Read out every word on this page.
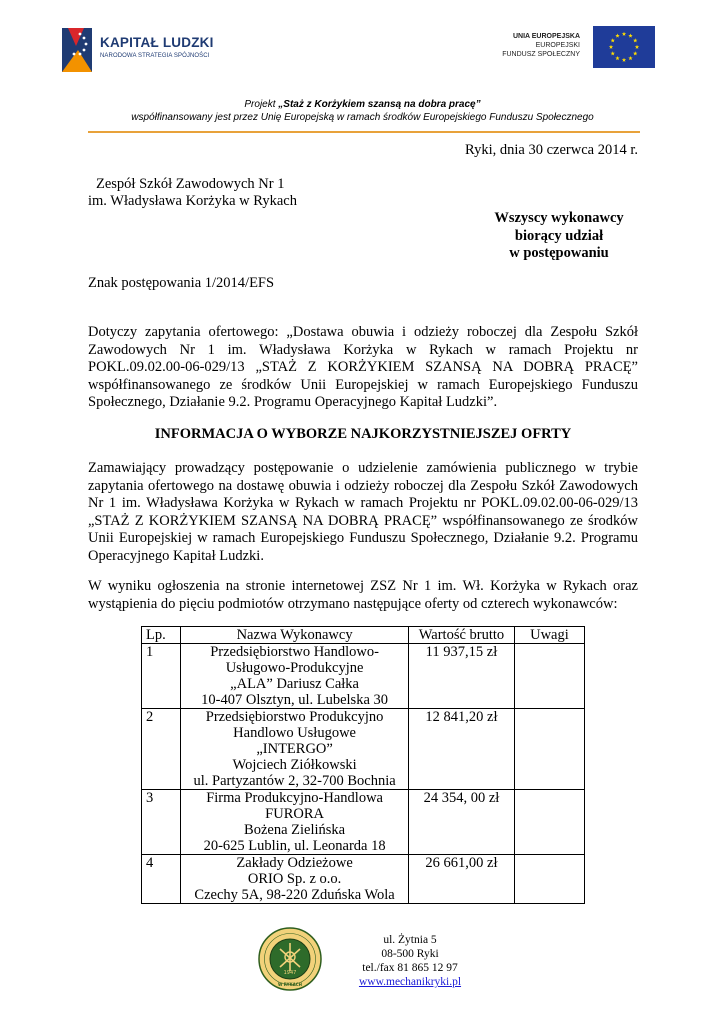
KAPITAŁ LUDZKI
NARODOWA STRATEGIA SPÓJNOŚCI
UNIA EUROPEJSKA
EUROPEJSKI
FUNDUSZ SPOŁECZNY
Projekt „Staż z Korżykiem szansą na dobra pracę”
współfinansowany jest przez Unię Europejską w ramach środków Europejskiego Funduszu Społecznego
Ryki, dnia 30 czerwca 2014 r.
Zespół Szkół Zawodowych Nr 1
im. Władysława Korżyka w Rykach
Wszyscy wykonawcy
biorący udział
w postępowaniu
Znak postępowania 1/2014/EFS
Dotyczy zapytania ofertowego: „Dostawa obuwia i odzieży roboczej dla Zespołu Szkół Zawodowych Nr 1 im. Władysława Korżyka w Rykach w ramach Projektu nr POKL.09.02.00-06-029/13 „STAŻ Z KORŻYKIEM SZANSĄ NA DOBRĄ PRACĘ” współfinansowanego ze środków Unii Europejskiej w ramach Europejskiego Funduszu Społecznego, Działanie 9.2. Programu Operacyjnego Kapitał Ludzki”.
INFORMACJA O WYBORZE NAJKORZYSTNIEJSZEJ OFRTY
Zamawiający prowadzący postępowanie o udzielenie zamówienia publicznego w trybie zapytania ofertowego na dostawę obuwia i odzieży roboczej dla Zespołu Szkół Zawodowych Nr 1 im. Władysława Korżyka w Rykach w ramach Projektu nr POKL.09.02.00-06-029/13 „STAŻ Z KORŻYKIEM SZANSĄ NA DOBRĄ PRACĘ” współfinansowanego ze środków Unii Europejskiej w ramach Europejskiego Funduszu Społecznego, Działanie 9.2. Programu Operacyjnego Kapitał Ludzki.
W wyniku ogłoszenia na stronie internetowej ZSZ Nr 1 im. Wł. Korżyka w Rykach oraz wystąpienia do pięciu podmiotów otrzymano następujące oferty od czterech wykonawców:
Lp.	Nazwa Wykonawcy	Wartość brutto	Uwagi
1	Przedsiębiorstwo Handlowo-
Usługowo-Produkcyjne
„ALA” Dariusz Całka
10-407 Olsztyn, ul. Lubelska 30	11 937,15 zł	
2	Przedsiębiorstwo Produkcyjno
Handlowo Usługowe
„INTERGO”
Wojciech Ziółkowski
ul. Partyzantów 2, 32-700 Bochnia	12 841,20 zł	
3	Firma Produkcyjno-Handlowa
FURORA
Bożena Zielińska
20-625 Lublin, ul. Leonarda 18	24 354, 00 zł	
4	Zakłady Odzieżowe
ORIO Sp. z o.o.
Czechy 5A, 98-220 Zduńska Wola	26 661,00 zł	
1947
W RYKACH
ul. Żytnia 5
08-500 Ryki
tel./fax 81 865 12 97
www.mechanikryki.pl
